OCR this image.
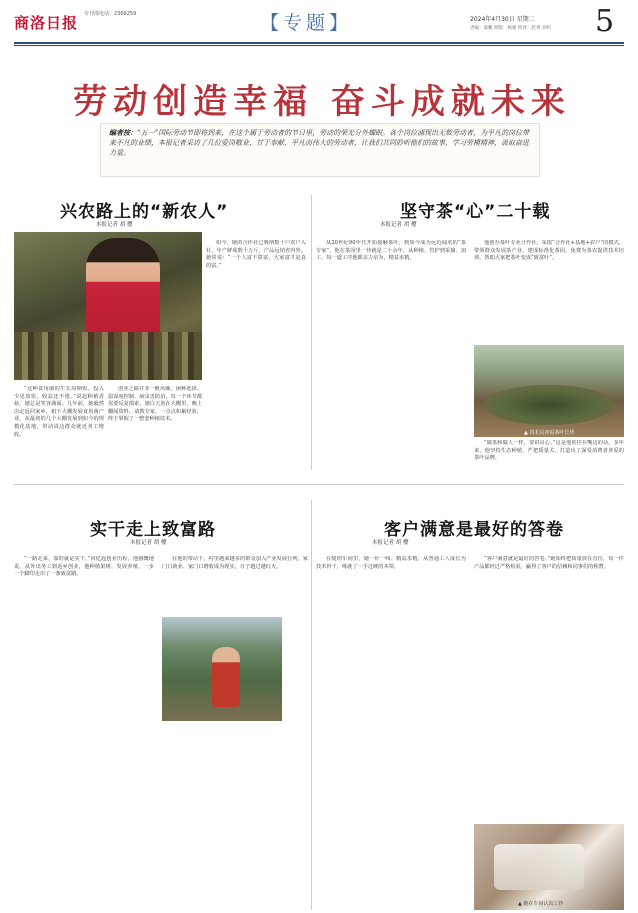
商洛日报 专刊部电话：2366259	【专题】	2024年4月30日 星期二
责编：秦鹏 组版：杨蒙 校对：赵青 李明 5
劳动创造幸福 奋斗成就未来
编者按：“五一”国际劳动节即将到来，在这个属于劳动者的节日里，劳动的荣光分外耀眼。各个岗位涌现出无数劳动者，为平凡的岗位带来不凡的业绩，本报记者采访了几位爱岗敬业、甘于奉献、平凡而伟大的劳动者，让我们共同聆听他们的故事，学习劳模精神，汲取奋进力量。
兴农路上的“新农人”
本报记者 胡 樱
“这种食用菌的生长周期短，投入少见效快，收益还不错。”说起种植香菇，她总是笑容满面。几年前，她毅然决定返回家乡，租下大棚发展食用菌产业，从最初的几个大棚发展到如今的规模化基地，带动周边群众就近务工增收。
创业之路并非一帆风顺。菌种选择、温湿度控制、病虫害防治，每一个环节都需要反复摸索。她白天泡在大棚里，晚上翻阅资料、请教专家，一点点积累经验，终于掌握了一整套种植技术。
如今，她的合作社已吸纳数十户农户入社，年产鲜菇数十万斤，产品远销省内外。她常说：“一个人富不算富，大家富才是真的富。”
坚守茶“心”二十载
本报记者 胡 樱
从20世纪90年代开始接触茶叶，到如今成为远近闻名的“茶专家”，他在茶园里一待就是二十余年。从种植、管护到采摘、加工，每一道工序他都亲力亲为，精益求精。
他创办茶叶专业合作社，采取“合作社+基地+农户”的模式，带领群众发展茶产业，建成标准化茶园，免费为茶农提供技术培训，帮助大家把茶叶变成“致富叶”。
▲ 技术员查看茶叶长势
“做茶和做人一样，要讲良心。”这是他常挂在嘴边的话。多年来，他坚持生态种植，严把质量关，打造出了深受消费者喜爱的茶叶品牌。
实干走上致富路
本报记者 胡 樱
“一路走来，靠的就是实干。”回忆起创业历程，他感慨地说。从外出务工到返乡创业，他种植果树、发展养殖，一步一个脚印走出了一条致富路。
在他的带动下，村里越来越多的群众加入产业发展行列，家门口就业、家门口增收成为现实，日子越过越红火。
客户满意是最好的答卷
本报记者 胡 樱
在缝纫车间里，她一针一线、精益求精，从普通工人成长为技术骨干，练就了一手过硬的本领。
“客户满意就是最好的答卷。”她始终把质量放在首位，每一件产品都经过严格检验，赢得了客户的信赖和同事们的称赞。
▲ 她在车间认真工作
